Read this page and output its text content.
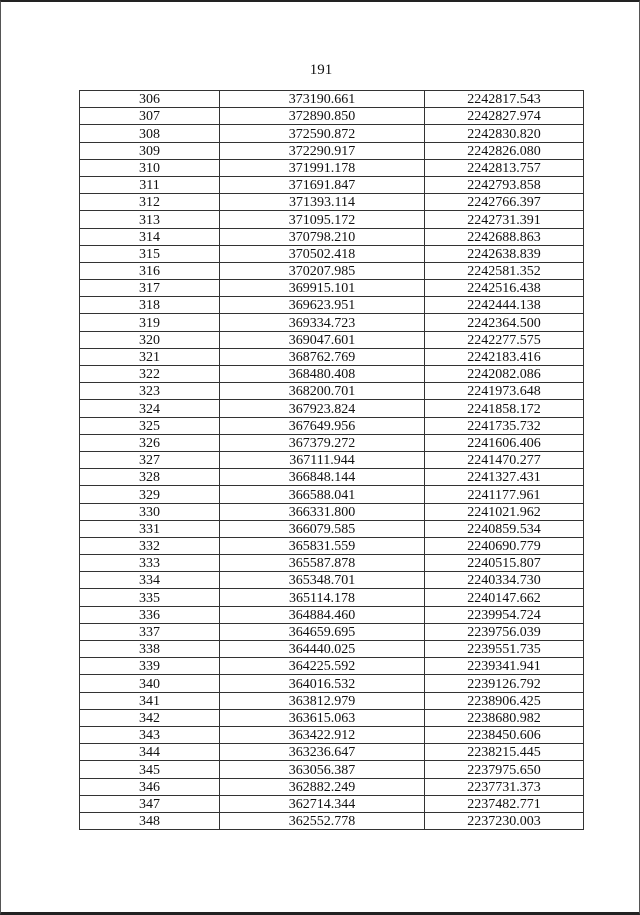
191
306	373190.661	2242817.543
307	372890.850	2242827.974
308	372590.872	2242830.820
309	372290.917	2242826.080
310	371991.178	2242813.757
311	371691.847	2242793.858
312	371393.114	2242766.397
313	371095.172	2242731.391
314	370798.210	2242688.863
315	370502.418	2242638.839
316	370207.985	2242581.352
317	369915.101	2242516.438
318	369623.951	2242444.138
319	369334.723	2242364.500
320	369047.601	2242277.575
321	368762.769	2242183.416
322	368480.408	2242082.086
323	368200.701	2241973.648
324	367923.824	2241858.172
325	367649.956	2241735.732
326	367379.272	2241606.406
327	367111.944	2241470.277
328	366848.144	2241327.431
329	366588.041	2241177.961
330	366331.800	2241021.962
331	366079.585	2240859.534
332	365831.559	2240690.779
333	365587.878	2240515.807
334	365348.701	2240334.730
335	365114.178	2240147.662
336	364884.460	2239954.724
337	364659.695	2239756.039
338	364440.025	2239551.735
339	364225.592	2239341.941
340	364016.532	2239126.792
341	363812.979	2238906.425
342	363615.063	2238680.982
343	363422.912	2238450.606
344	363236.647	2238215.445
345	363056.387	2237975.650
346	362882.249	2237731.373
347	362714.344	2237482.771
348	362552.778	2237230.003
